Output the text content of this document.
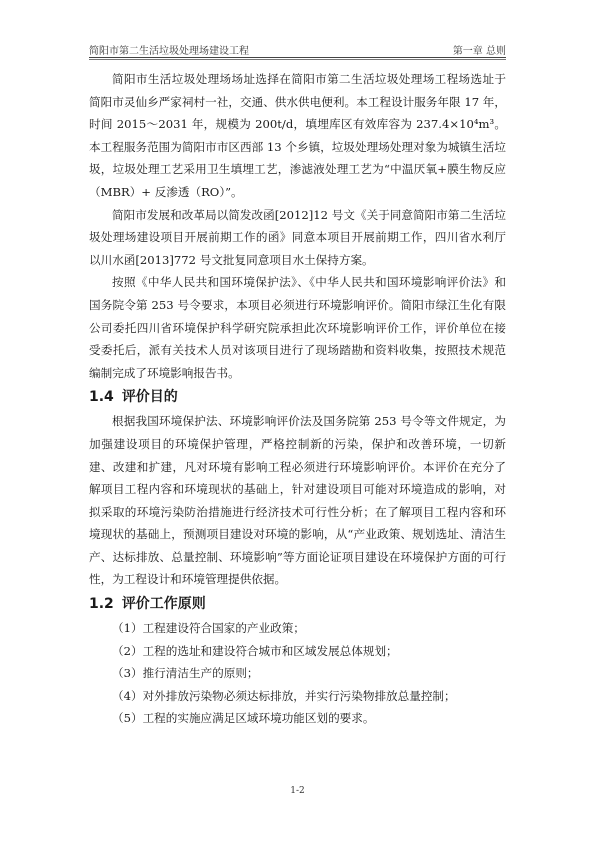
简阳市第二生活垃圾处理场建设工程	第一章 总则

简阳市生活垃圾处理场场址选择在简阳市第二生活垃圾处理场工程场选址于简阳市灵仙乡严家祠村一社，交通、供水供电便利。本工程设计服务年限 17 年，时间 2015～2031 年，规模为 200t/d，填埋库区有效库容为 237.4×10⁴m³。本工程服务范围为简阳市市区西部 13 个乡镇，垃圾处理场处理对象为城镇生活垃圾，垃圾处理工艺采用卫生填埋工艺，渗滤液处理工艺为“中温厌氧+膜生物反应（MBR）+ 反渗透（RO）”。

简阳市发展和改革局以简发改函[2012]12 号文《关于同意简阳市第二生活垃圾处理场建设项目开展前期工作的函》同意本项目开展前期工作，四川省水利厅以川水函[2013]772 号文批复同意项目水土保持方案。

按照《中华人民共和国环境保护法》、《中华人民共和国环境影响评价法》和国务院令第 253 号令要求，本项目必须进行环境影响评价。简阳市绿江生化有限公司委托四川省环境保护科学研究院承担此次环境影响评价工作，评价单位在接受委托后，派有关技术人员对该项目进行了现场踏勘和资料收集，按照技术规范编制完成了环境影响报告书。

1.4 评价目的

根据我国环境保护法、环境影响评价法及国务院第 253 号令等文件规定，为加强建设项目的环境保护管理，严格控制新的污染，保护和改善环境，一切新建、改建和扩建，凡对环境有影响工程必须进行环境影响评价。本评价在充分了解项目工程内容和环境现状的基础上，针对建设项目可能对环境造成的影响，对拟采取的环境污染防治措施进行经济技术可行性分析；在了解项目工程内容和环境现状的基础上，预测项目建设对环境的影响，从“产业政策、规划选址、清洁生产、达标排放、总量控制、环境影响”等方面论证项目建设在环境保护方面的可行性，为工程设计和环境管理提供依据。

1.2 评价工作原则

（1）工程建设符合国家的产业政策；

（2）工程的选址和建设符合城市和区域发展总体规划；

（3）推行清洁生产的原则；

（4）对外排放污染物必须达标排放，并实行污染物排放总量控制；

（5）工程的实施应满足区域环境功能区划的要求。

1-2
